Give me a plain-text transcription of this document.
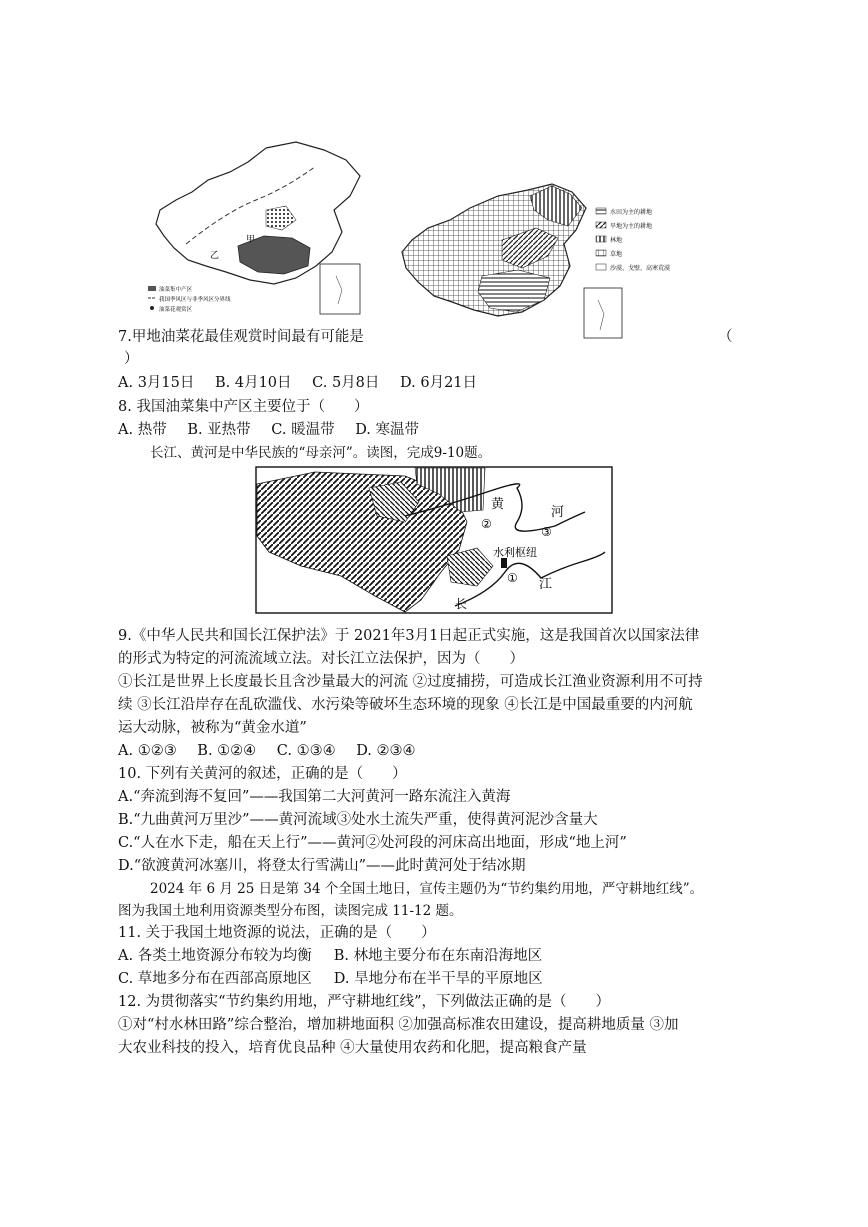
甲
乙
油菜集中产区
我国季风区与非季风区分界线
油菜花观赏区
水田为主的耕地
旱地为主的耕地
林地
草地
沙漠、戈壁、高寒荒漠
7.甲地油菜花最佳观赏时间最有可能是	（
）
A. 3月15日 B. 4月10日 C. 5月8日 D. 6月21日
8. 我国油菜集中产区主要位于（　　）
A. 热带 B. 亚热带 C. 暖温带 D. 寒温带
长江、黄河是中华民族的“母亲河”。读图，完成9-10题。
黄
河
②
③
水利枢纽
① 江
长
9.《中华人民共和国长江保护法》于 2021年3月1日起正式实施，这是我国首次以国家法律
的形式为特定的河流流域立法。对长江立法保护，因为（　　）
①长江是世界上长度最长且含沙量最大的河流 ②过度捕捞，可造成长江渔业资源利用不可持
续 ③长江沿岸存在乱砍滥伐、水污染等破坏生态环境的现象 ④长江是中国最重要的内河航
运大动脉，被称为“黄金水道”
A. ①②③ B. ①②④ C. ①③④ D. ②③④
10. 下列有关黄河的叙述，正确的是（　　）
A.“奔流到海不复回”——我国第二大河黄河一路东流注入黄海
B.“九曲黄河万里沙”——黄河流域③处水土流失严重，使得黄河泥沙含量大
C.“人在水下走，船在天上行”——黄河②处河段的河床高出地面，形成“地上河”
D.“欲渡黄河冰塞川，将登太行雪满山”——此时黄河处于结冰期
2024 年 6 月 25 日是第 34 个全国土地日，宣传主题仍为“节约集约用地，严守耕地红线”。
图为我国土地利用资源类型分布图，读图完成 11-12 题。
11. 关于我国土地资源的说法，正确的是（　　）
A. 各类土地资源分布较为均衡 B. 林地主要分布在东南沿海地区
C. 草地多分布在西部高原地区 D. 旱地分布在半干旱的平原地区
12. 为贯彻落实“节约集约用地，严守耕地红线”，下列做法正确的是（　　）
①对“村水林田路”综合整治，增加耕地面积 ②加强高标准农田建设，提高耕地质量 ③加
大农业科技的投入，培育优良品种 ④大量使用农药和化肥，提高粮食产量
